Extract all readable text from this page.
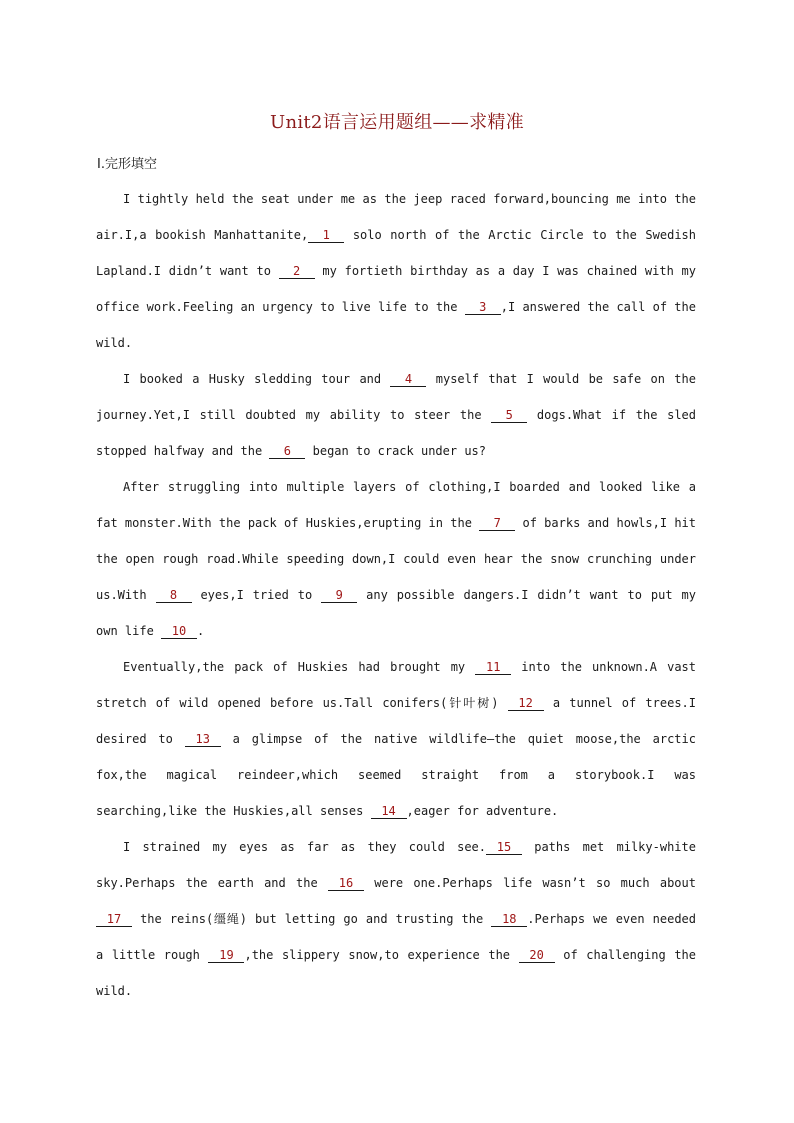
Unit2语言运用题组——求精准
Ⅰ.完形填空

I tightly held the seat under me as the jeep raced forward,bouncing me into the air.I,a bookish Manhattanite, 1 solo north of the Arctic Circle to the Swedish Lapland.I didn’t want to 2 my fortieth birthday as a day I was chained with my office work.Feeling an urgency to live life to the 3 ,I answered the call of the wild.

I booked a Husky sledding tour and 4 myself that I would be safe on the journey.Yet,I still doubted my ability to steer the 5 dogs.What if the sled stopped halfway and the 6 began to crack under us?

After struggling into multiple layers of clothing,I boarded and looked like a fat monster.With the pack of Huskies,erupting in the 7 of barks and howls,I hit the open rough road.While speeding down,I could even hear the snow crunching under us.With 8 eyes,I tried to 9 any possible dangers.I didn’t want to put my own life 10 .

Eventually,the pack of Huskies had brought my 11 into the unknown.A vast stretch of wild opened before us.Tall conifers(针叶树) 12 a tunnel of trees.I desired to 13 a glimpse of the native wildlife—the quiet moose,the arctic fox,the magical reindeer,which seemed straight from a storybook.I was searching,like the Huskies,all senses 14 ,eager for adventure.

I strained my eyes as far as they could see. 15 paths met milky-white sky.Perhaps the earth and the 16 were one.Perhaps life wasn’t so much about 17 the reins(缰绳) but letting go and trusting the 18 .Perhaps we even needed a little rough 19 ,the slippery snow,to experience the 20 of challenging the wild.
